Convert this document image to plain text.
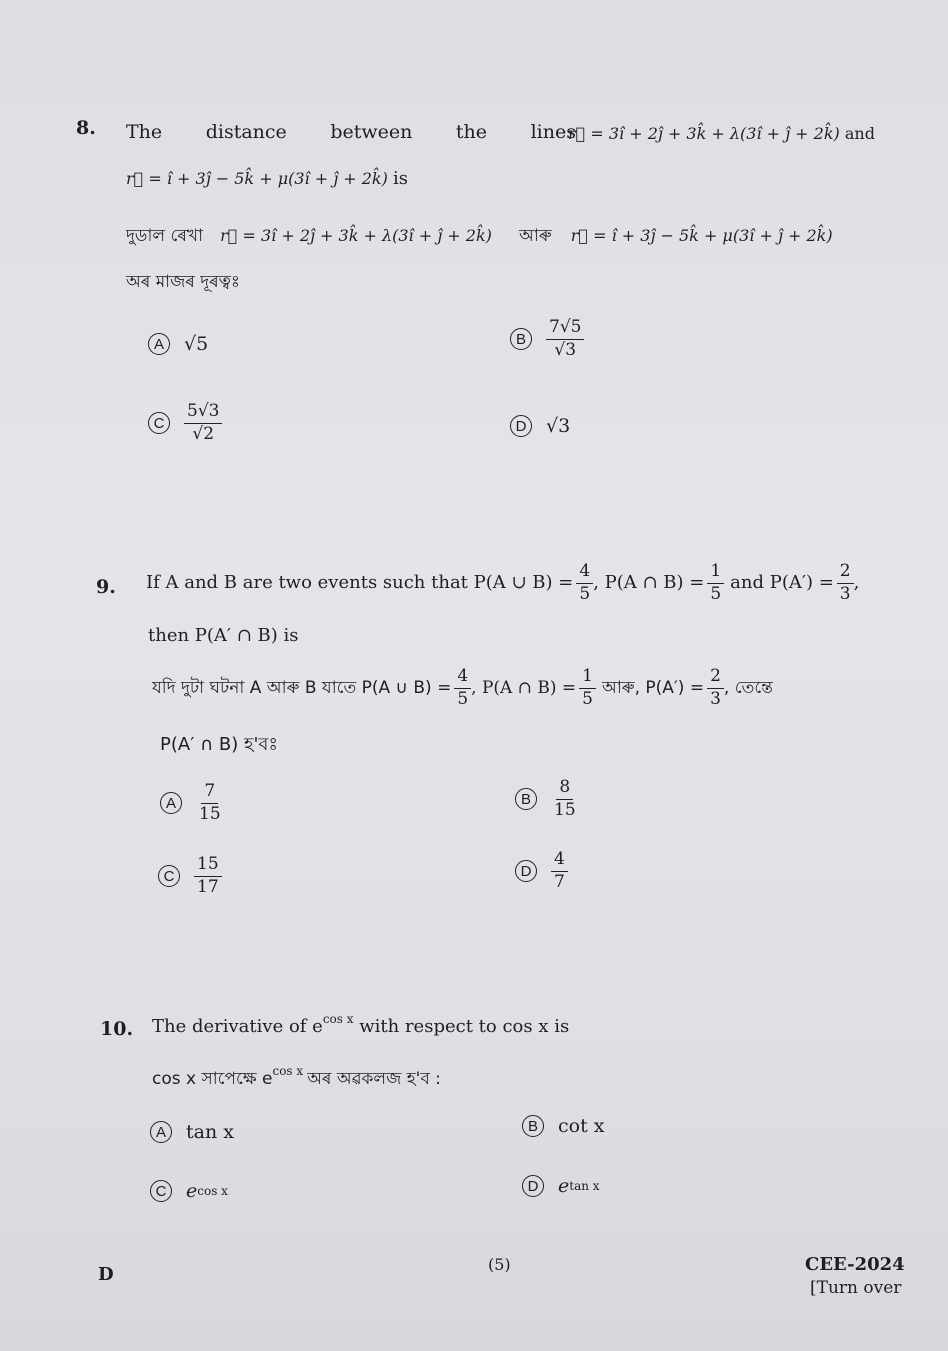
8. The distance between the lines
r⃗ = 3î + 2ĵ + 3k̂ + λ(3î + ĵ + 2k̂) and
r⃗ = î + 3ĵ − 5k̂ + μ(3î + ĵ + 2k̂) is
দুডাল ৰেখা r⃗ = 3î + 2ĵ + 3k̂ + λ(3î + ĵ + 2k̂) আৰু r⃗ = î + 3ĵ − 5k̂ + μ(3î + ĵ + 2k̂)
অৰ মাজৰ দূৰত্বঃ
A	√5	B	$\frac{7√5}{√3}$
C	$\frac{5√3}{√2}$	D √3
9. If A and B are two events such that P(A ∪ $B) = \frac{4}{5}$ , P(A ∩ $B) = \frac{1}{5}$ and $P(A') = \frac{2}{3}$ ,
then P(A′ ∩ B) is
যদি দুটা ঘটনা A আৰু B যাতে P(A ∪ $B) = \frac{4}{5}$ , P(A ∩ $B) = \frac{1}{5}$ আৰু, $P(A') = \frac{2}{3}$ , তেন্তে
P(A′ ∩ B) হ'বঃ
A	$\frac{7}{15}$	B	$\frac{8}{15}$
C	$\frac{15}{17}$	D	$\frac{4}{7}$
10. The derivative of $e^{cos x}$ with respect to cos x is
cos x সাপেক্ষে $e^{cos x}$ অৰ অৱকলজ হ'ব :
A	tan x	B	cot x
C e cos x	D e tan x
D	(5)	CEE-2024
[Turn over
